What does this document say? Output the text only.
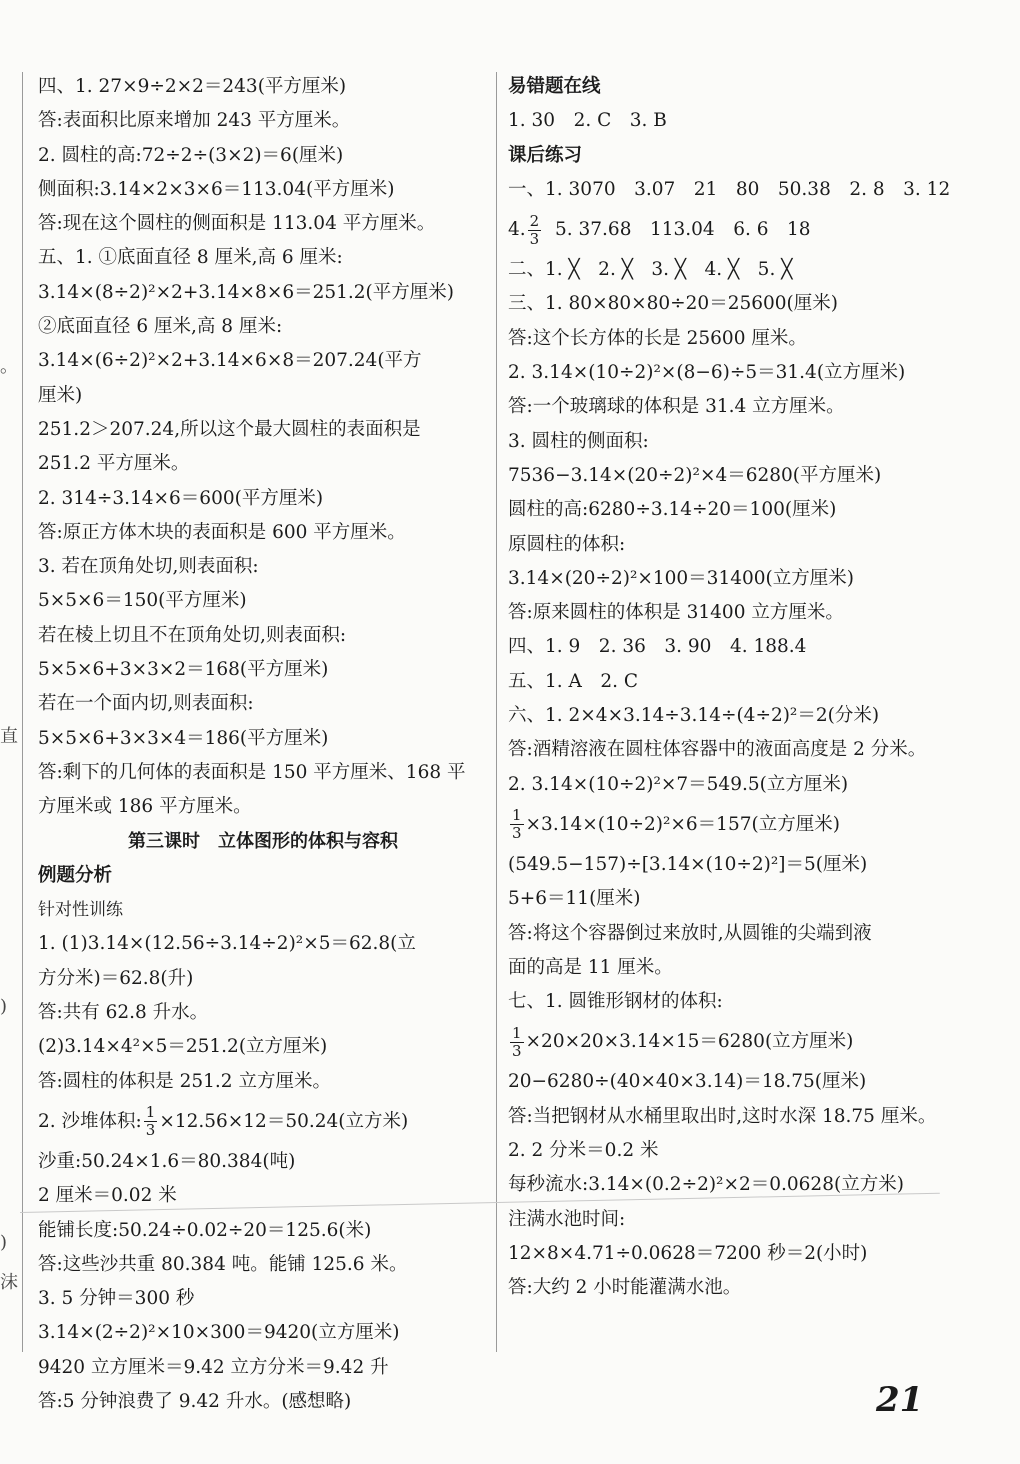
。
直
)
)
沫
四、1. 27×9÷2×2＝243(平方厘米)
答:表面积比原来增加 243 平方厘米。
2. 圆柱的高:72÷2÷(3×2)＝6(厘米)
侧面积:3.14×2×3×6＝113.04(平方厘米)
答:现在这个圆柱的侧面积是 113.04 平方厘米。
五、1. ①底面直径 8 厘米,高 6 厘米:
3.14×(8÷2)²×2+3.14×8×6＝251.2(平方厘米)
②底面直径 6 厘米,高 8 厘米:
3.14×(6÷2)²×2+3.14×6×8＝207.24(平方
厘米)
251.2＞207.24,所以这个最大圆柱的表面积是
251.2 平方厘米。
2. 314÷3.14×6＝600(平方厘米)
答:原正方体木块的表面积是 600 平方厘米。
3. 若在顶角处切,则表面积:
5×5×6＝150(平方厘米)
若在棱上切且不在顶角处切,则表面积:
5×5×6+3×3×2＝168(平方厘米)
若在一个面内切,则表面积:
5×5×6+3×3×4＝186(平方厘米)
答:剩下的几何体的表面积是 150 平方厘米、168 平
方厘米或 186 平方厘米。
第三课时　立体图形的体积与容积
例题分析
针对性训练
1. (1)3.14×(12.56÷3.14÷2)²×5＝62.8(立
方分米)＝62.8(升)
答:共有 62.8 升水。
(2)3.14×4²×5＝251.2(立方厘米)
答:圆柱的体积是 251.2 立方厘米。
2. 沙堆体积: $\frac{1}{3} \times 12.56\times 12=50.24$(立方米)
沙重:50.24×1.6＝80.384(吨)
2 厘米＝0.02 米
能铺长度:50.24÷0.02÷20＝125.6(米)
答:这些沙共重 80.384 吨。能铺 125.6 米。
3. 5 分钟＝300 秒
3.14×(2÷2)²×10×300＝9420(立方厘米)
9420 立方厘米＝9.42 立方分米＝9.42 升
答:5 分钟浪费了 9.42 升水。(感想略)
易错题在线
1. 30　2. C　3. B
课后练习
一、1. 3070　3.07　21　80　50.38　2. 8　3. 12
4. $\frac{2}{3} 5$. 37.68　113.04　6. 6　18
二、1. ╳　2. ╳　3. ╳　4. ╳　5. ╳
三、1. 80×80×80÷20＝25600(厘米)
答:这个长方体的长是 25600 厘米。
2. 3.14×(10÷2)²×(8−6)÷5＝31.4(立方厘米)
答:一个玻璃球的体积是 31.4 立方厘米。
3. 圆柱的侧面积:
7536−3.14×(20÷2)²×4＝6280(平方厘米)
圆柱的高:6280÷3.14÷20＝100(厘米)
原圆柱的体积:
3.14×(20÷2)²×100＝31400(立方厘米)
答:原来圆柱的体积是 31400 立方厘米。
四、1. 9　2. 36　3. 90　4. 188.4
五、1. A　2. C
六、1. 2×4×3.14÷3.14÷(4÷2)²＝2(分米)
答:酒精溶液在圆柱体容器中的液面高度是 2 分米。
2. 3.14×(10÷2)²×7＝549.5(立方厘米)
$\frac{1}{3} \times 3.14\times(10\div 2)^2\times 6=157$(立方厘米)
(549.5−157)÷[3.14×(10÷2)²]＝5(厘米)
5+6＝11(厘米)
答:将这个容器倒过来放时,从圆锥的尖端到液
面的高是 11 厘米。
七、1. 圆锥形钢材的体积:
$\frac{1}{3} \times 20\times 20\times 3.14\times 15=6280$(立方厘米)
20−6280÷(40×40×3.14)＝18.75(厘米)
答:当把钢材从水桶里取出时,这时水深 18.75 厘米。
2. 2 分米＝0.2 米
每秒流水:3.14×(0.2÷2)²×2＝0.0628(立方米)
注满水池时间:
12×8×4.71÷0.0628＝7200 秒＝2(小时)
答:大约 2 小时能灌满水池。
21
